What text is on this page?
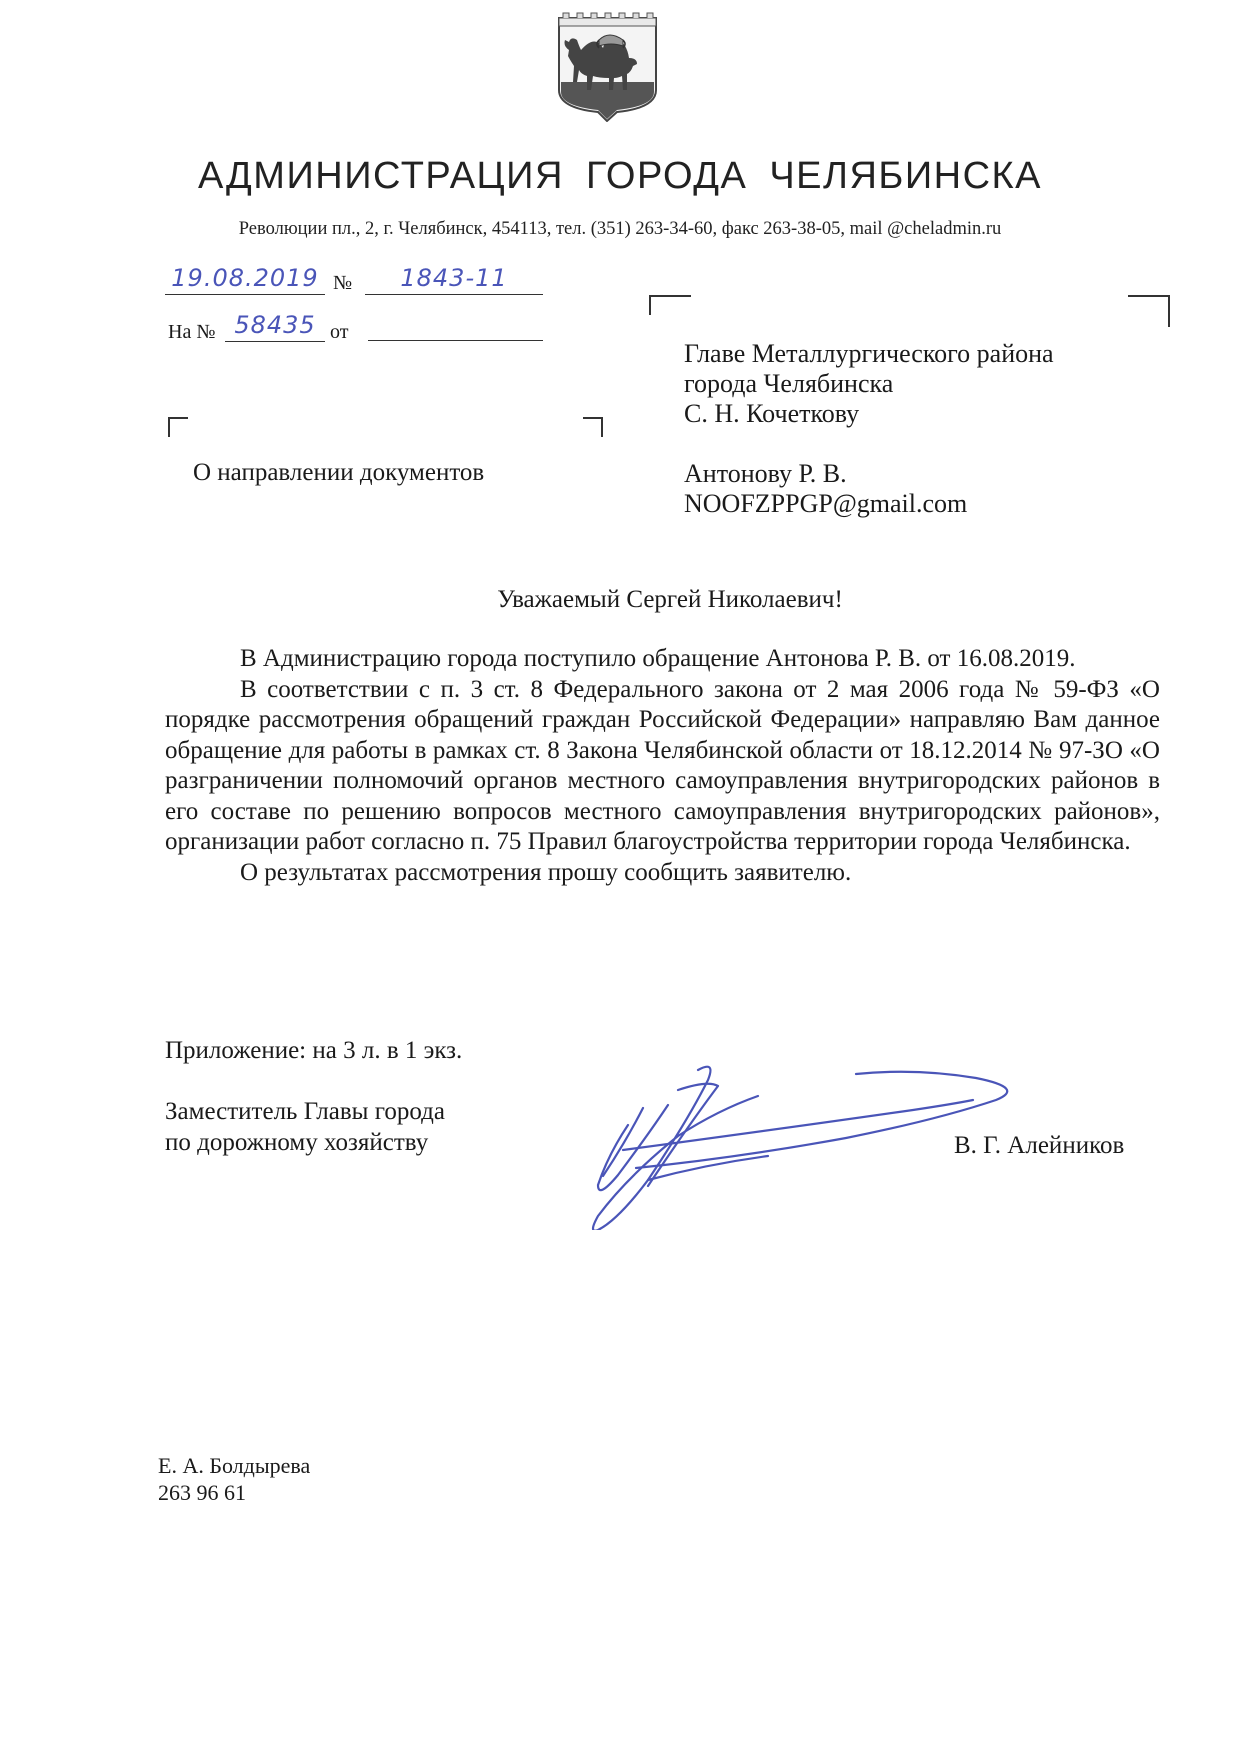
АДМИНИСТРАЦИЯ ГОРОДА ЧЕЛЯБИНСКА
Революции пл., 2, г. Челябинск, 454113, тел. (351) 263-34-60, факс 263-38-05, mail @cheladmin.ru
19.08.2019 №	1843-11
На № 58435 от
О направлении документов
Главе Металлургического района
города Челябинска
С. Н. Кочеткову
Антонову Р. В.
NOOFZPPGP@gmail.com
Уважаемый Сергей Николаевич!

В Администрацию города поступило обращение Антонова Р. В. от 16.08.2019.

В соответствии с п. 3 ст. 8 Федерального закона от 2 мая 2006 года № 59-ФЗ «О порядке рассмотрения обращений граждан Российской Федерации» направляю Вам данное обращение для работы в рамках ст. 8 Закона Челябинской области от 18.12.2014 № 97-ЗО «О разграничении полномочий органов местного самоуправления внутригородских районов в его составе по решению вопросов местного самоуправления внутригородских районов», организации работ согласно п. 75 Правил благоустройства территории города Челябинска.

О результатах рассмотрения прошу сообщить заявителю.

Приложение: на 3 л. в 1 экз.
Заместитель Главы города
по дорожному хозяйству	В. Г. Алейников
Е. А. Болдырева
263 96 61
